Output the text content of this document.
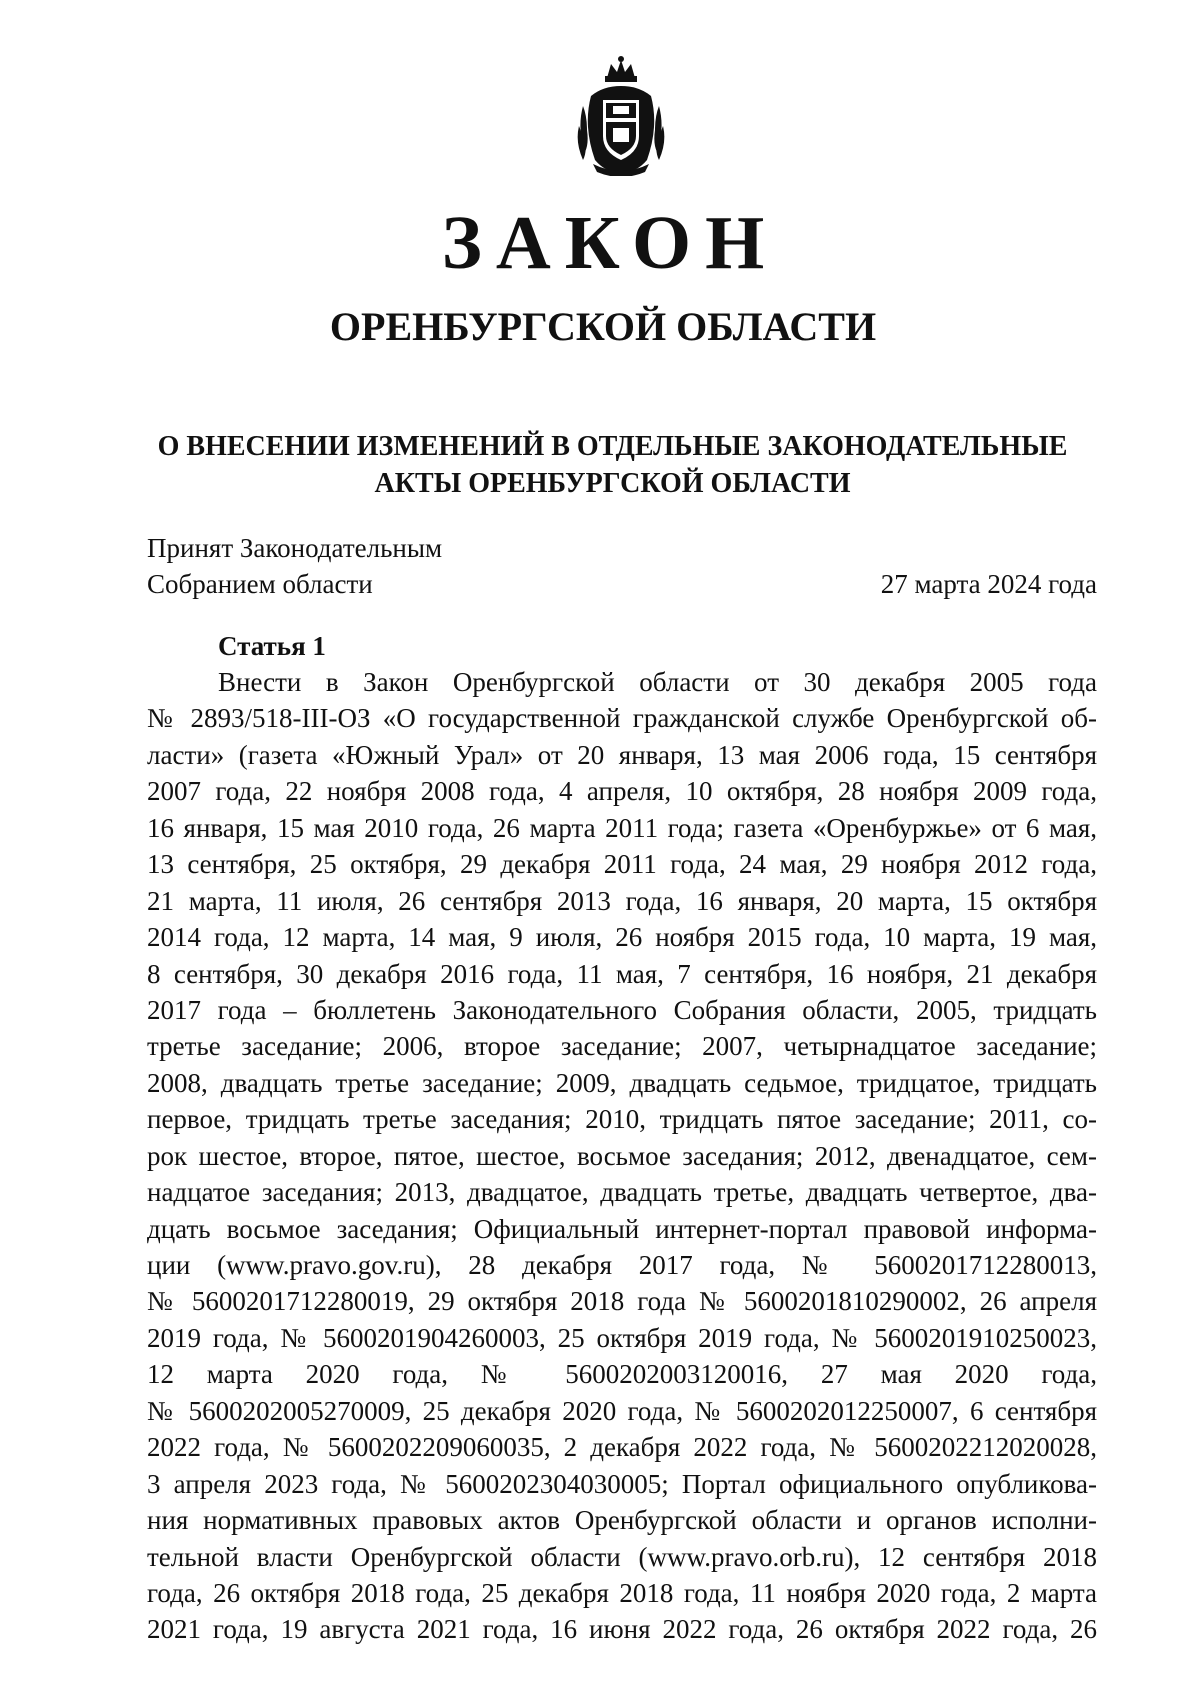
ЗАКОН
ОРЕНБУРГСКОЙ ОБЛАСТИ
О ВНЕСЕНИИ ИЗМЕНЕНИЙ В ОТДЕЛЬНЫЕ ЗАКОНОДАТЕЛЬНЫЕ
АКТЫ ОРЕНБУРГСКОЙ ОБЛАСТИ
Принят Законодательным
Собранием области	27 марта 2024 года
Статья 1
Внести в Закон Оренбургской области от 30 декабря 2005 года
№ 2893/518-III-ОЗ «О государственной гражданской службе Оренбургской об-
ласти» (газета «Южный Урал» от 20 января, 13 мая 2006 года, 15 сентября
2007 года, 22 ноября 2008 года, 4 апреля, 10 октября, 28 ноября 2009 года,
16 января, 15 мая 2010 года, 26 марта 2011 года; газета «Оренбуржье» от 6 мая,
13 сентября, 25 октября, 29 декабря 2011 года, 24 мая, 29 ноября 2012 года,
21 марта, 11 июля, 26 сентября 2013 года, 16 января, 20 марта, 15 октября
2014 года, 12 марта, 14 мая, 9 июля, 26 ноября 2015 года, 10 марта, 19 мая,
8 сентября, 30 декабря 2016 года, 11 мая, 7 сентября, 16 ноября, 21 декабря
2017 года – бюллетень Законодательного Собрания области, 2005, тридцать
третье заседание; 2006, второе заседание; 2007, четырнадцатое заседание;
2008, двадцать третье заседание; 2009, двадцать седьмое, тридцатое, тридцать
первое, тридцать третье заседания; 2010, тридцать пятое заседание; 2011, со-
рок шестое, второе, пятое, шестое, восьмое заседания; 2012, двенадцатое, сем-
надцатое заседания; 2013, двадцатое, двадцать третье, двадцать четвертое, два-
дцать восьмое заседания; Официальный интернет-портал правовой информа-
ции (www.pravo.gov.ru), 28 декабря 2017 года, № 5600201712280013,
№ 5600201712280019, 29 октября 2018 года № 5600201810290002, 26 апреля
2019 года, № 5600201904260003, 25 октября 2019 года, № 5600201910250023,
12 марта 2020 года, № 5600202003120016, 27 мая 2020 года,
№ 5600202005270009, 25 декабря 2020 года, № 5600202012250007, 6 сентября
2022 года, № 5600202209060035, 2 декабря 2022 года, № 5600202212020028,
3 апреля 2023 года, № 5600202304030005; Портал официального опубликова-
ния нормативных правовых актов Оренбургской области и органов исполни-
тельной власти Оренбургской области (www.pravo.orb.ru), 12 сентября 2018
года, 26 октября 2018 года, 25 декабря 2018 года, 11 ноября 2020 года, 2 марта
2021 года, 19 августа 2021 года, 16 июня 2022 года, 26 октября 2022 года, 26
